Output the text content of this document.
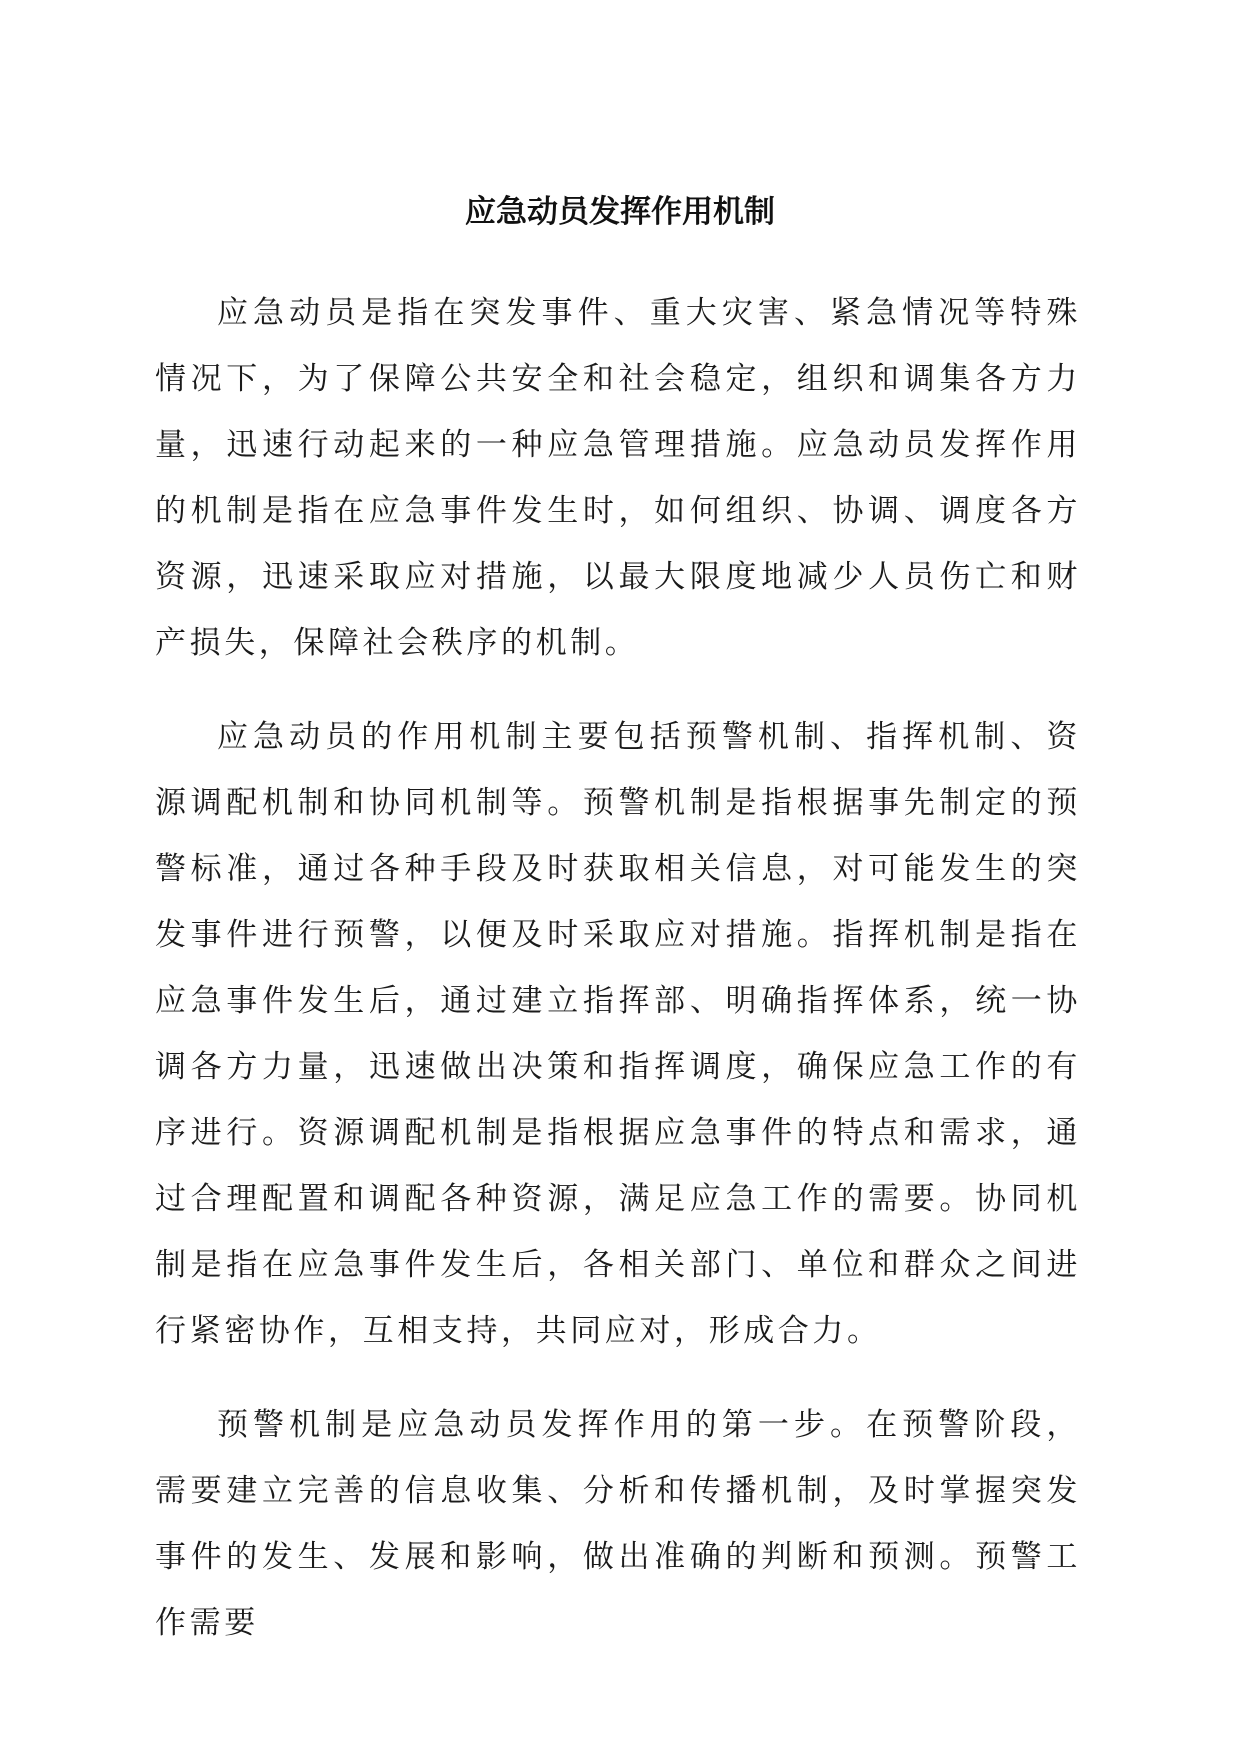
应急动员发挥作用机制

应急动员是指在突发事件、重大灾害、紧急情况等特殊情况下，为了保障公共安全和社会稳定，组织和调集各方力量，迅速行动起来的一种应急管理措施。应急动员发挥作用的机制是指在应急事件发生时，如何组织、协调、调度各方资源，迅速采取应对措施，以最大限度地减少人员伤亡和财产损失，保障社会秩序的机制。

应急动员的作用机制主要包括预警机制、指挥机制、资源调配机制和协同机制等。预警机制是指根据事先制定的预警标准，通过各种手段及时获取相关信息，对可能发生的突发事件进行预警，以便及时采取应对措施。指挥机制是指在应急事件发生后，通过建立指挥部、明确指挥体系，统一协调各方力量，迅速做出决策和指挥调度，确保应急工作的有序进行。资源调配机制是指根据应急事件的特点和需求，通过合理配置和调配各种资源，满足应急工作的需要。协同机制是指在应急事件发生后，各相关部门、单位和群众之间进行紧密协作，互相支持，共同应对，形成合力。

预警机制是应急动员发挥作用的第一步。在预警阶段，需要建立完善的信息收集、分析和传播机制，及时掌握突发事件的发生、发展和影响，做出准确的判断和预测。预警工作需要
